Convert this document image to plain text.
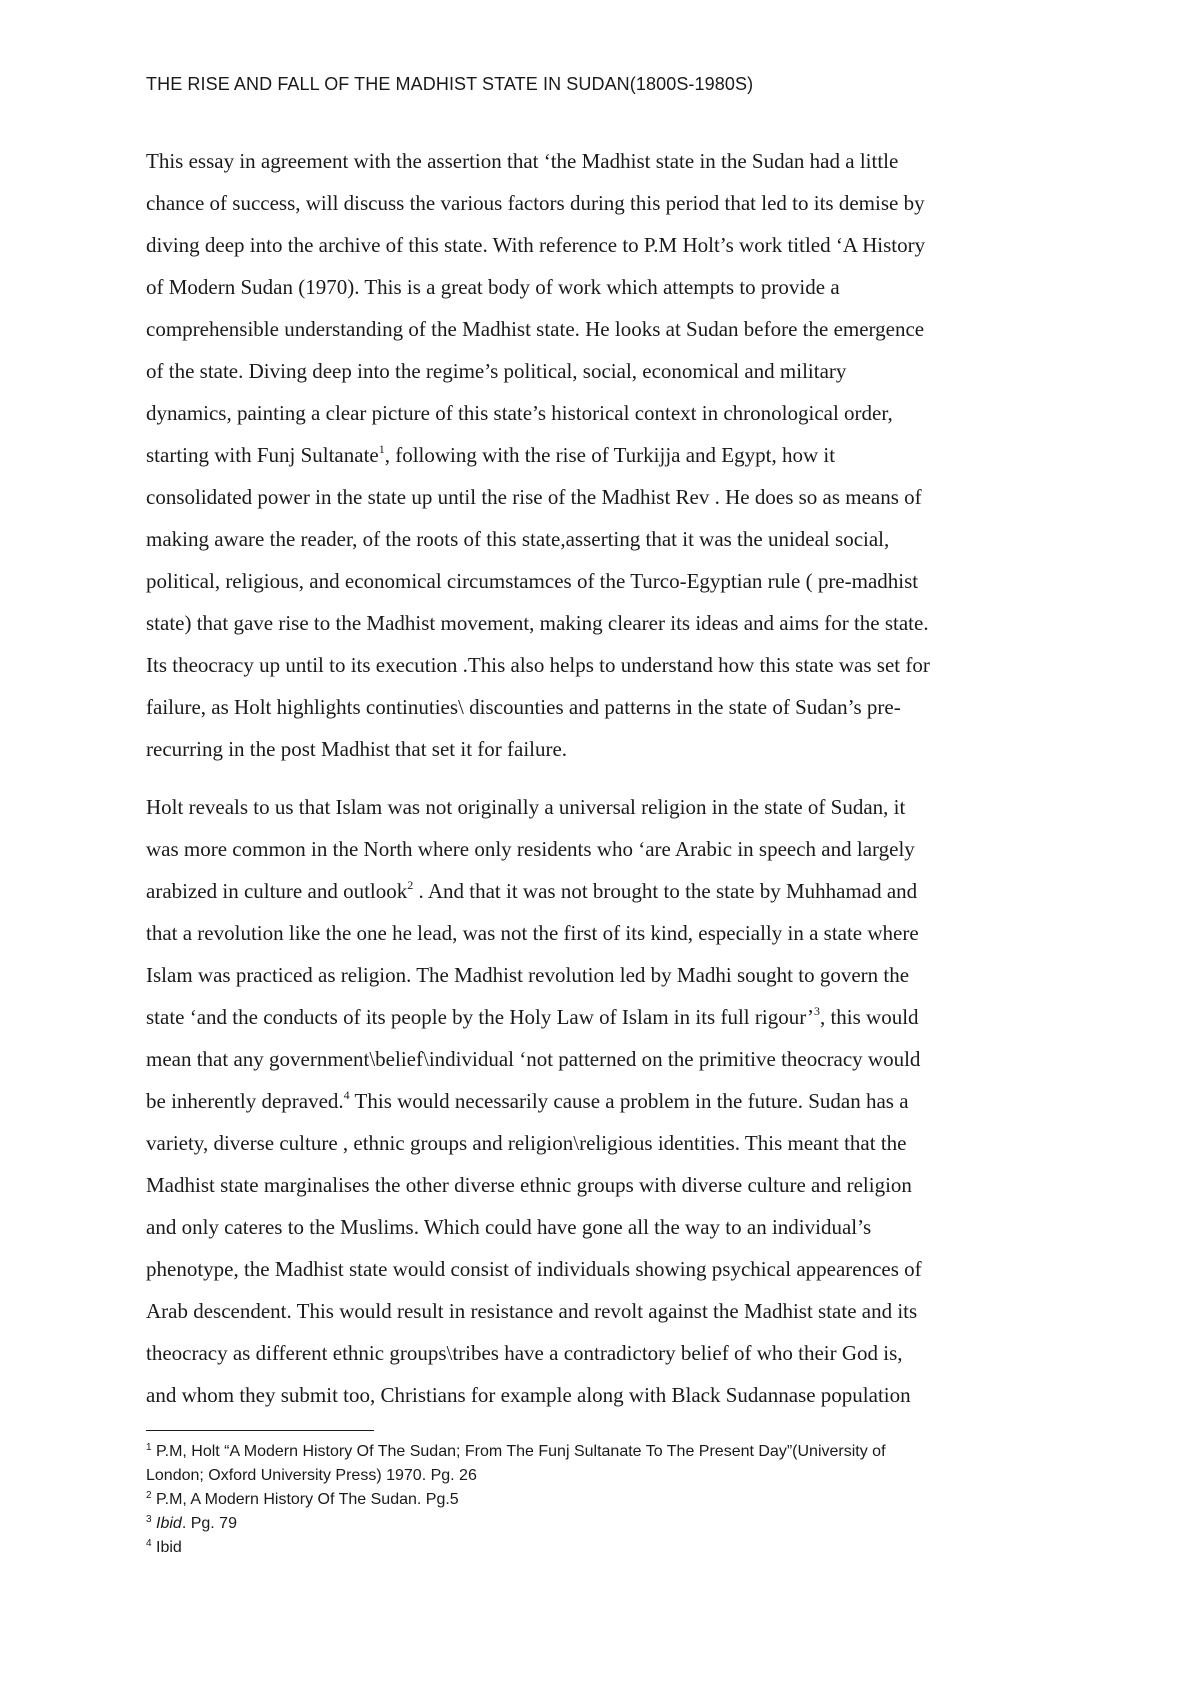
THE RISE AND FALL OF THE MADHIST STATE IN SUDAN(1800S-1980S)
This essay in agreement with the assertion that ‘the Madhist state in the Sudan had a little
chance of success, will discuss the various factors during this period that led to its demise by
diving deep into the archive of this state. With reference to P.M Holt’s work titled ‘A History
of Modern Sudan (1970). This is a great body of work which attempts to provide a
comprehensible understanding of the Madhist state. He looks at Sudan before the emergence
of the state. Diving deep into the regime’s political, social, economical and military
dynamics, painting a clear picture of this state’s historical context in chronological order,
starting with Funj Sultanate$^1$, following with the rise of Turkijja and Egypt, how it
consolidated power in the state up until the rise of the Madhist Rev . He does so as means of
making aware the reader, of the roots of this state,asserting that it was the unideal social,
political, religious, and economical circumstamces of the Turco-Egyptian rule ( pre-madhist
state) that gave rise to the Madhist movement, making clearer its ideas and aims for the state.
Its theocracy up until to its execution .This also helps to understand how this state was set for
failure, as Holt highlights continuties\ discounties and patterns in the state of Sudan’s pre-
recurring in the post Madhist that set it for failure.
Holt reveals to us that Islam was not originally a universal religion in the state of Sudan, it
was more common in the North where only residents who ‘are Arabic in speech and largely
arabized in culture and outlook$^2$ . And that it was not brought to the state by Muhhamad and
that a revolution like the one he lead, was not the first of its kind, especially in a state where
Islam was practiced as religion. The Madhist revolution led by Madhi sought to govern the
state ‘and the conducts of its people by the Holy Law of Islam in its full rigour’$^3$, this would
mean that any government\belief\individual ‘not patterned on the primitive theocracy would
be inherently depraved.$^4$ This would necessarily cause a problem in the future. Sudan has a
variety, diverse culture , ethnic groups and religion\religious identities. This meant that the
Madhist state marginalises the other diverse ethnic groups with diverse culture and religion
and only cateres to the Muslims. Which could have gone all the way to an individual’s
phenotype, the Madhist state would consist of individuals showing psychical appearences of
Arab descendent. This would result in resistance and revolt against the Madhist state and its
theocracy as different ethnic groups\tribes have a contradictory belief of who their God is,
and whom they submit too, Christians for example along with Black Sudannase population
$^1$ P.M, Holt “A Modern History Of The Sudan; From The Funj Sultanate To The Present Day”(University of
London; Oxford University Press) 1970. Pg. 26
$^2$ P.M, A Modern History Of The Sudan. Pg.5
$^3$ Ibid. Pg. 79
$^4$ Ibid
